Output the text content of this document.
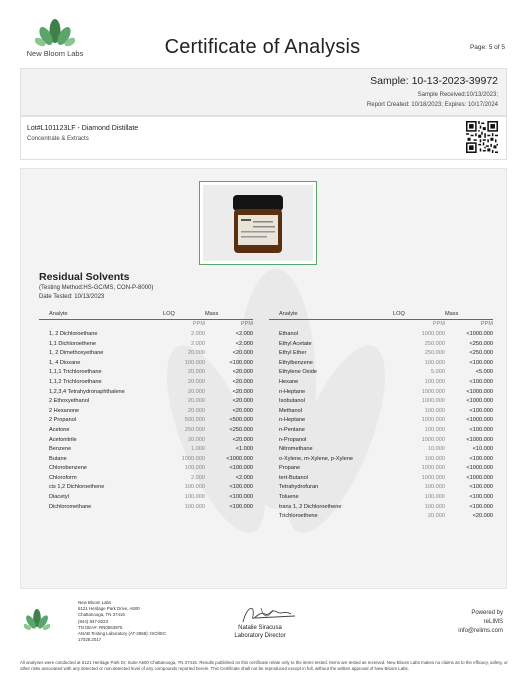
New Bloom Labs	Certificate of Analysis	Page: 5 of 5
Sample: 10-13-2023-39972
Sample Received:10/13/2023;
Report Created: 10/18/2023; Expires: 10/17/2024
Lot#L101123LF - Diamond Distillate
Concentrate & Extracts
Residual Solvents
(Testing Method:HS-GC/MS, CON-P-8000)
Date Tested: 10/13/2023
Analyte	LOQ	Mass
	PPM	PPM
1, 2 Dichloroethane	2.000	<2.000
1,1 Dichloroethene	2.000	<2.000
1, 2 Dimethoxyethane	20.000	<20.000
1, 4 Dioxane	100.000	<100.000
1,1,1 Trichloroethane	20.000	<20.000
1,1,2 Trichloroethane	20.000	<20.000
1,2,3,4 Tetrahydronaphthalene	20.000	<20.000
2 Ethoxyethanol	20.000	<20.000
2 Hexanone	20.000	<20.000
2 Propanol	500.000	<500.000
Acetone	250.000	<250.000
Acetonitrile	20.000	<20.000
Benzene	1.000	<1.000
Butane	1000.000	<1000.000
Chlorobenzene	100.000	<100.000
Chloroform	2.000	<2.000
cis 1,2 Dichloroethene	100.000	<100.000
Diacetyl	100.000	<100.000
Dichloromethane	100.000	<100.000
Analyte	LOQ	Mass
	PPM	PPM
Ethanol	1000.000	<1000.000
Ethyl Acetate	250.000	<250.000
Ethyl Ether	250.000	<250.000
Ethylbenzene	100.000	<100.000
Ethylene Oxide	5.000	<5.000
Hexane	100.000	<100.000
n-Heptane	1000.000	<1000.000
Isobutanol	1000.000	<1000.000
Methanol	100.000	<100.000
n-Heptane	1000.000	<1000.000
n-Pentane	100.000	<100.000
n-Propanol	1000.000	<1000.000
Nitromethane	10.000	<10.000
o-Xylene, m-Xylene, p-Xylene	100.000	<100.000
Propane	1000.000	<1000.000
tert-Butanol	1000.000	<1000.000
Tetrahydrofuran	100.000	<100.000
Toluene	100.000	<100.000
trans 1, 2 Dichloroethene	100.000	<100.000
Trichloroethene	20.000	<20.000
New Bloom Labs
6121 Heritage Park Drive, A500
Chattanooga, TN 37416
(844) 837-8223
TN DEA#: RN0563975
ANAB Testing Laboratory (AT-2868): ISO/IEC
17025:2017
Natalie Siracusa
Laboratory Director
Powered by
reLIMS
info@relims.com
All analyses were conducted at 6121 Heritage Park Dr, Suite A500 Chattanooga, TN 37416. Results published on this certificate relate only to the items tested. Items are tested as received. New Bloom Labs makes no claims as to the efficacy, safety, or other risks associated with any detected or non-detected level of any compounds reported herein. This Certificate shall not be reproduced except in full, without the written approval of New Bloom Labs.
